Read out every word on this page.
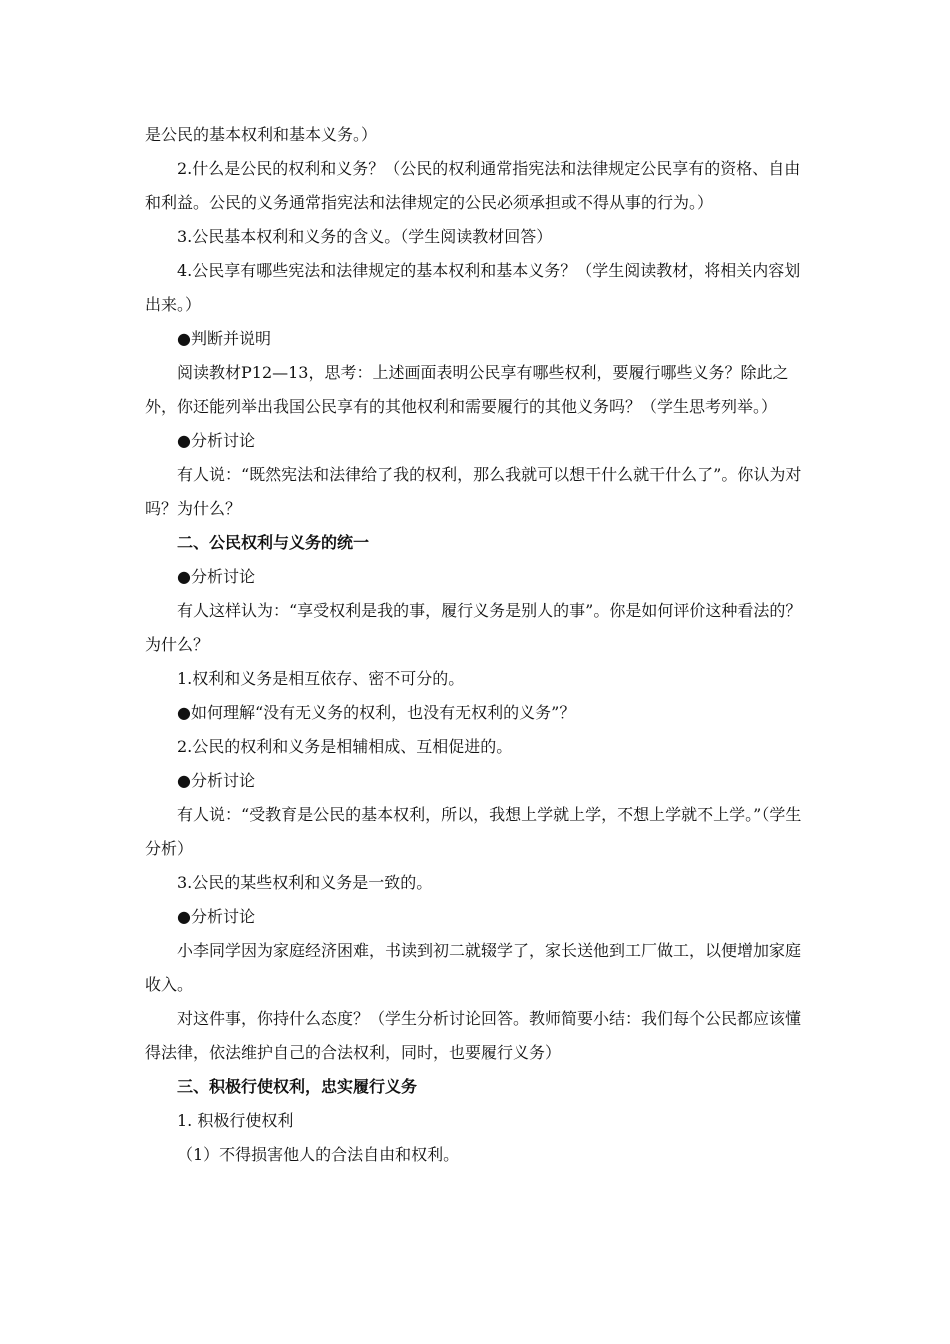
是公民的基本权利和基本义务。）

2.什么是公民的权利和义务？（公民的权利通常指宪法和法律规定公民享有的资格、自由和利益。公民的义务通常指宪法和法律规定的公民必须承担或不得从事的行为。）

3.公民基本权利和义务的含义。（学生阅读教材回答）

4.公民享有哪些宪法和法律规定的基本权利和基本义务？（学生阅读教材，将相关内容划出来。）

●判断并说明

阅读教材P12—13，思考：上述画面表明公民享有哪些权利，要履行哪些义务？除此之外，你还能列举出我国公民享有的其他权利和需要履行的其他义务吗？（学生思考列举。）

●分析讨论

有人说：“既然宪法和法律给了我的权利，那么我就可以想干什么就干什么了”。你认为对吗？为什么？

二、公民权利与义务的统一

●分析讨论

有人这样认为：“享受权利是我的事，履行义务是别人的事”。你是如何评价这种看法的？为什么？

1.权利和义务是相互依存、密不可分的。

●如何理解“没有无义务的权利，也没有无权利的义务”？

2.公民的权利和义务是相辅相成、互相促进的。

●分析讨论

有人说：“受教育是公民的基本权利，所以，我想上学就上学，不想上学就不上学。”（学生分析）

3.公民的某些权利和义务是一致的。

●分析讨论

小李同学因为家庭经济困难，书读到初二就辍学了，家长送他到工厂做工，以便增加家庭收入。

对这件事，你持什么态度？（学生分析讨论回答。教师简要小结：我们每个公民都应该懂得法律，依法维护自己的合法权利，同时，也要履行义务）

三、积极行使权利，忠实履行义务

1. 积极行使权利

（1）不得损害他人的合法自由和权利。
